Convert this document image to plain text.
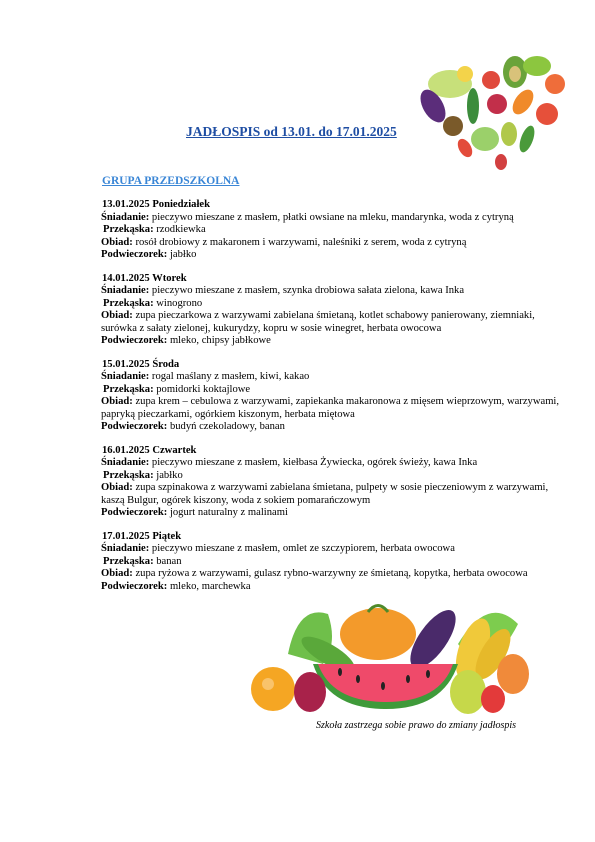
JADŁOSPIS od 13.01. do 17.01.2025
GRUPA PRZEDSZKOLNA
13.01.2025 Poniedziałek

Śniadanie: pieczywo mieszane z masłem, płatki owsiane na mleku, mandarynka, woda z cytryną

Przekąska: rzodkiewka

Obiad: rosół drobiowy z makaronem i warzywami, naleśniki z serem, woda z cytryną

Podwieczorek: jabłko

14.01.2025 Wtorek

Śniadanie: pieczywo mieszane z masłem, szynka drobiowa sałata zielona, kawa Inka

Przekąska: winogrono

Obiad: zupa pieczarkowa z warzywami zabielana śmietaną, kotlet schabowy panierowany, ziemniaki, surówka z sałaty zielonej, kukurydzy, kopru w sosie winegret, herbata owocowa

Podwieczorek: mleko, chipsy jabłkowe

15.01.2025 Środa

Śniadanie: rogal maślany z masłem, kiwi, kakao

Przekąska: pomidorki koktajlowe

Obiad: zupa krem – cebulowa z warzywami, zapiekanka makaronowa z mięsem wieprzowym, warzywami, papryką pieczarkami, ogórkiem kiszonym, herbata miętowa

Podwieczorek: budyń czekoladowy, banan

16.01.2025 Czwartek

Śniadanie: pieczywo mieszane z masłem, kiełbasa Żywiecka, ogórek świeży, kawa Inka

Przekąska: jabłko

Obiad: zupa szpinakowa z warzywami zabielana śmietana, pulpety w sosie pieczeniowym z warzywami, kaszą Bulgur, ogórek kiszony, woda z sokiem pomarańczowym

Podwieczorek: jogurt naturalny z malinami

17.01.2025 Piątek

Śniadanie: pieczywo mieszane z masłem, omlet ze szczypiorem, herbata owocowa

Przekąska: banan

Obiad: zupa ryżowa z warzywami, gulasz rybno-warzywny ze śmietaną, kopytka, herbata owocowa

Podwieczorek: mleko, marchewka

Szkoła zastrzega sobie prawo do zmiany jadłospis
